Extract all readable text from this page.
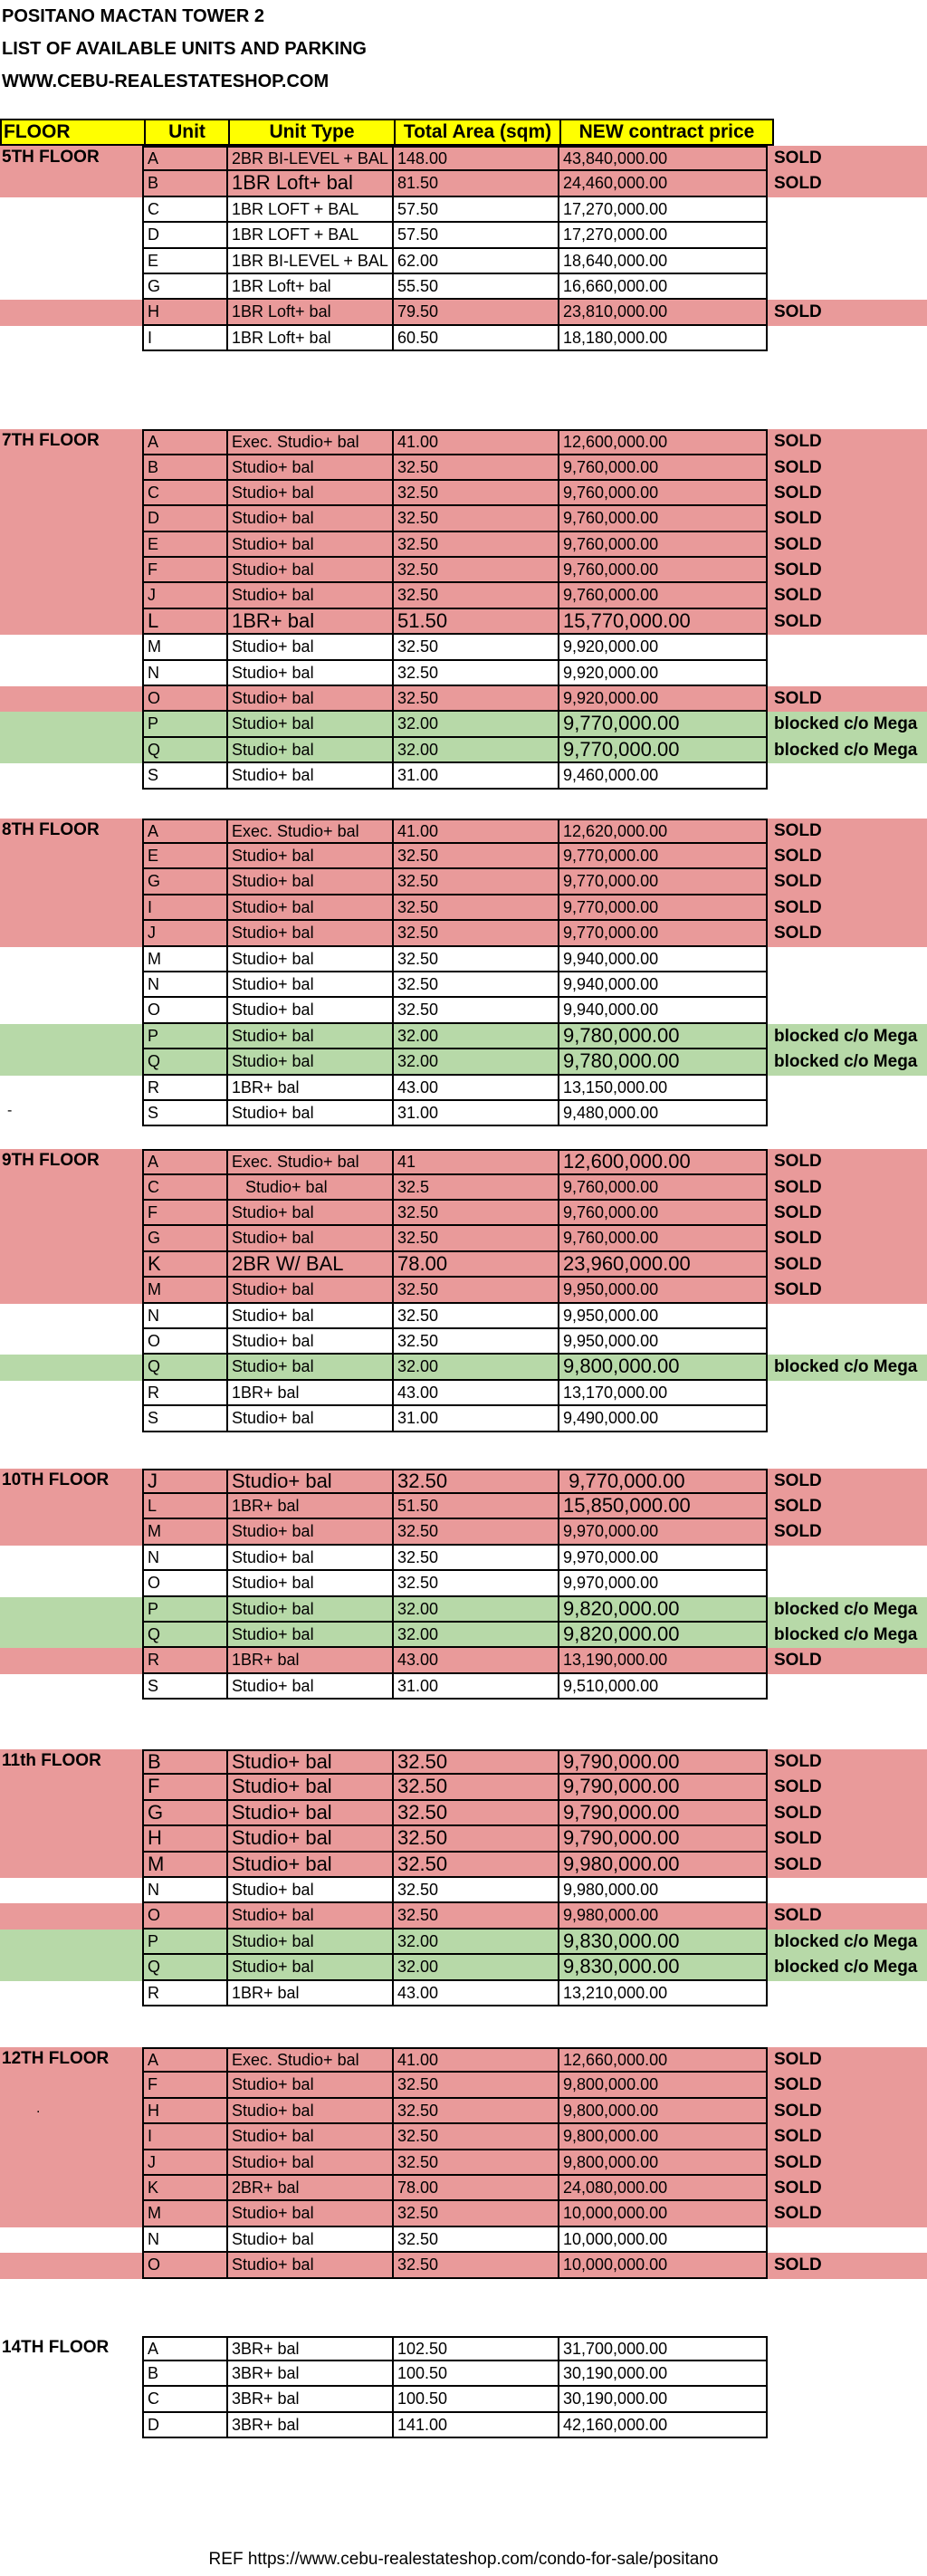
POSITANO MACTAN TOWER 2
LIST OF AVAILABLE UNITS AND PARKING
WWW.CEBU-REALESTATESHOP.COM
FLOOR	Unit	Unit Type	Total Area (sqm)	NEW contract price
5TH FLOOR	A	2BR BI-LEVEL + BAL 148.00	43,840,000.00	SOLD
B	1BR Loft+ bal	81.50	24,460,000.00	SOLD
C	1BR LOFT + BAL	57.50	17,270,000.00
D	1BR LOFT + BAL	57.50	17,270,000.00
E	1BR BI-LEVEL + BAL 62.00	18,640,000.00
G	1BR Loft+ bal	55.50	16,660,000.00
H	1BR Loft+ bal	79.50	23,810,000.00	SOLD
I	1BR Loft+ bal	60.50	18,180,000.00
7TH FLOOR	A	Exec. Studio+ bal	41.00	12,600,000.00	SOLD
B	Studio+ bal	32.50	9,760,000.00	SOLD
C	Studio+ bal	32.50	9,760,000.00	SOLD
D	Studio+ bal	32.50	9,760,000.00	SOLD
E	Studio+ bal	32.50	9,760,000.00	SOLD
F	Studio+ bal	32.50	9,760,000.00	SOLD
J	Studio+ bal	32.50	9,760,000.00	SOLD
L	1BR+ bal	51.50	15,770,000.00	SOLD
M	Studio+ bal	32.50	9,920,000.00
N	Studio+ bal	32.50	9,920,000.00
O	Studio+ bal	32.50	9,920,000.00	SOLD
P	Studio+ bal	32.00	9,770,000.00	blocked c/o Mega
Q	Studio+ bal	32.00	9,770,000.00	blocked c/o Mega
S	Studio+ bal	31.00	9,460,000.00
8TH FLOOR	A	Exec. Studio+ bal	41.00	12,620,000.00	SOLD
E	Studio+ bal	32.50	9,770,000.00	SOLD
G	Studio+ bal	32.50	9,770,000.00	SOLD
I	Studio+ bal	32.50	9,770,000.00	SOLD
J	Studio+ bal	32.50	9,770,000.00	SOLD
M	Studio+ bal	32.50	9,940,000.00
N	Studio+ bal	32.50	9,940,000.00
O	Studio+ bal	32.50	9,940,000.00
P	Studio+ bal	32.00	9,780,000.00	blocked c/o Mega
Q	Studio+ bal	32.00	9,780,000.00	blocked c/o Mega
R	1BR+ bal	43.00	13,150,000.00
-	S	Studio+ bal	31.00	9,480,000.00
9TH FLOOR	A	Exec. Studio+ bal	41	12,600,000.00	SOLD
C	Studio+ bal	32.5	9,760,000.00	SOLD
F	Studio+ bal	32.50	9,760,000.00	SOLD
G	Studio+ bal	32.50	9,760,000.00	SOLD
K	2BR W/ BAL	78.00	23,960,000.00	SOLD
M	Studio+ bal	32.50	9,950,000.00	SOLD
N	Studio+ bal	32.50	9,950,000.00
O	Studio+ bal	32.50	9,950,000.00
Q	Studio+ bal	32.00	9,800,000.00	blocked c/o Mega
R	1BR+ bal	43.00	13,170,000.00
S	Studio+ bal	31.00	9,490,000.00
10TH FLOOR J	Studio+ bal	32.50	9,770,000.00	SOLD
L	1BR+ bal	51.50	15,850,000.00	SOLD
M	Studio+ bal	32.50	9,970,000.00	SOLD
N	Studio+ bal	32.50	9,970,000.00
O	Studio+ bal	32.50	9,970,000.00
P	Studio+ bal	32.00	9,820,000.00	blocked c/o Mega
Q	Studio+ bal	32.00	9,820,000.00	blocked c/o Mega
R	1BR+ bal	43.00	13,190,000.00	SOLD
S	Studio+ bal	31.00	9,510,000.00
11th FLOOR B	Studio+ bal	32.50	9,790,000.00	SOLD
F	Studio+ bal	32.50	9,790,000.00	SOLD
G	Studio+ bal	32.50	9,790,000.00	SOLD
H	Studio+ bal	32.50	9,790,000.00	SOLD
M	Studio+ bal	32.50	9,980,000.00	SOLD
N	Studio+ bal	32.50	9,980,000.00
O	Studio+ bal	32.50	9,980,000.00	SOLD
P	Studio+ bal	32.00	9,830,000.00	blocked c/o Mega
Q	Studio+ bal	32.00	9,830,000.00	blocked c/o Mega
R	1BR+ bal	43.00	13,210,000.00
12TH FLOOR	A	Exec. Studio+ bal	41.00	12,660,000.00	SOLD
F	Studio+ bal	32.50	9,800,000.00	SOLD
.	H	Studio+ bal	32.50	9,800,000.00	SOLD
I	Studio+ bal	32.50	9,800,000.00	SOLD
J	Studio+ bal	32.50	9,800,000.00	SOLD
K	2BR+ bal	78.00	24,080,000.00	SOLD
M	Studio+ bal	32.50	10,000,000.00	SOLD
N	Studio+ bal	32.50	10,000,000.00
O	Studio+ bal	32.50	10,000,000.00	SOLD
14TH FLOOR	A	3BR+ bal	102.50	31,700,000.00
B	3BR+ bal	100.50	30,190,000.00
C	3BR+ bal	100.50	30,190,000.00
D	3BR+ bal	141.00	42,160,000.00
REF https://www.cebu-realestateshop.com/condo-for-sale/positano
